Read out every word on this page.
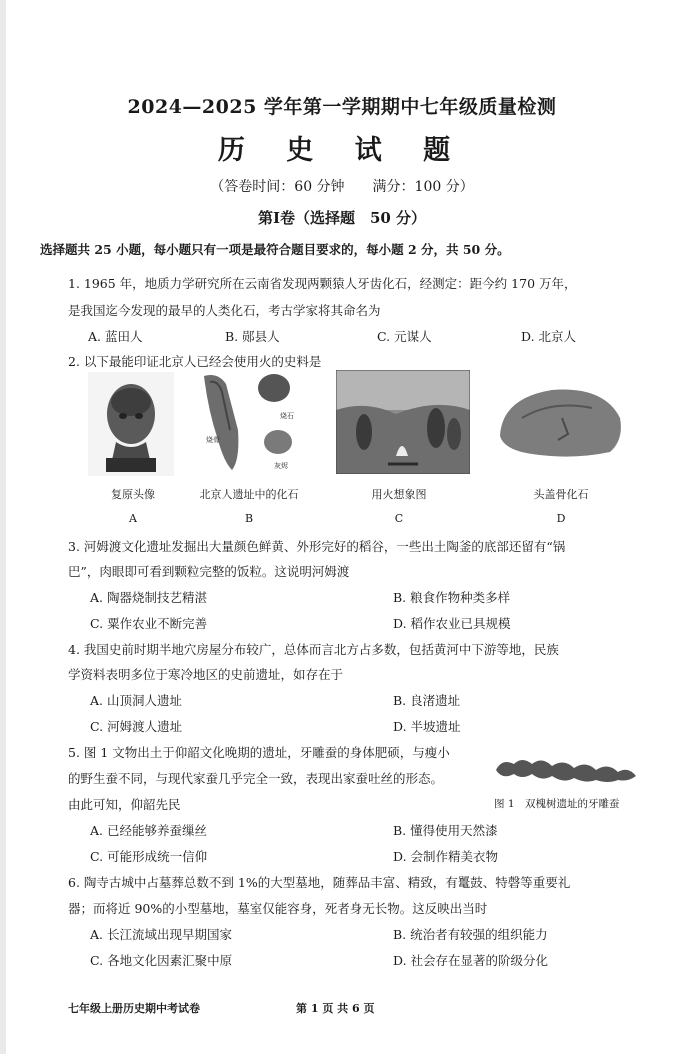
2024—2025 学年第一学期期中七年级质量检测
历 史 试 题
（答卷时间：60 分钟　　满分：100 分）
第Ⅰ卷（选择题　50 分）
选择题共 25 小题，每小题只有一项是最符合题目要求的，每小题 2 分，共 50 分。
1. 1965 年，地质力学研究所在云南省发现两颗猿人牙齿化石，经测定：距今约 170 万年，
是我国迄今发现的最早的人类化石，考古学家将其命名为
A. 蓝田人	B. 郧县人	C. 元谋人	D. 北京人
2. 以下最能印证北京人已经会使用火的史料是
烧石
烧骨
灰烬
复原头像	北京人遗址中的化石	用火想象图	头盖骨化石
A	B	C	D
3. 河姆渡文化遗址发掘出大量颜色鲜黄、外形完好的稻谷，一些出土陶釜的底部还留有“锅
巴”，肉眼即可看到颗粒完整的饭粒。这说明河姆渡
A. 陶器烧制技艺精湛	B. 粮食作物种类多样
C. 粟作农业不断完善	D. 稻作农业已具规模
4. 我国史前时期半地穴房屋分布较广，总体而言北方占多数，包括黄河中下游等地，民族
学资料表明多位于寒冷地区的史前遗址，如存在于
A. 山顶洞人遗址	B. 良渚遗址
C. 河姆渡人遗址	D. 半坡遗址
5. 图 1 文物出土于仰韶文化晚期的遗址，牙雕蚕的身体肥硕，与瘦小
的野生蚕不同，与现代家蚕几乎完全一致，表现出家蚕吐丝的形态。
由此可知，仰韶先民	图 1　双槐树遗址的牙雕蚕
A. 已经能够养蚕缫丝	B. 懂得使用天然漆
C. 可能形成统一信仰	D. 会制作精美衣物
6. 陶寺古城中占墓葬总数不到 1%的大型墓地，随葬品丰富、精致，有鼍鼓、特磬等重要礼
器；而将近 90%的小型墓地，墓室仅能容身，死者身无长物。这反映出当时
A. 长江流域出现早期国家	B. 统治者有较强的组织能力
C. 各地文化因素汇聚中原	D. 社会存在显著的阶级分化
七年级上册历史期中考试卷	第 1 页 共 6 页
